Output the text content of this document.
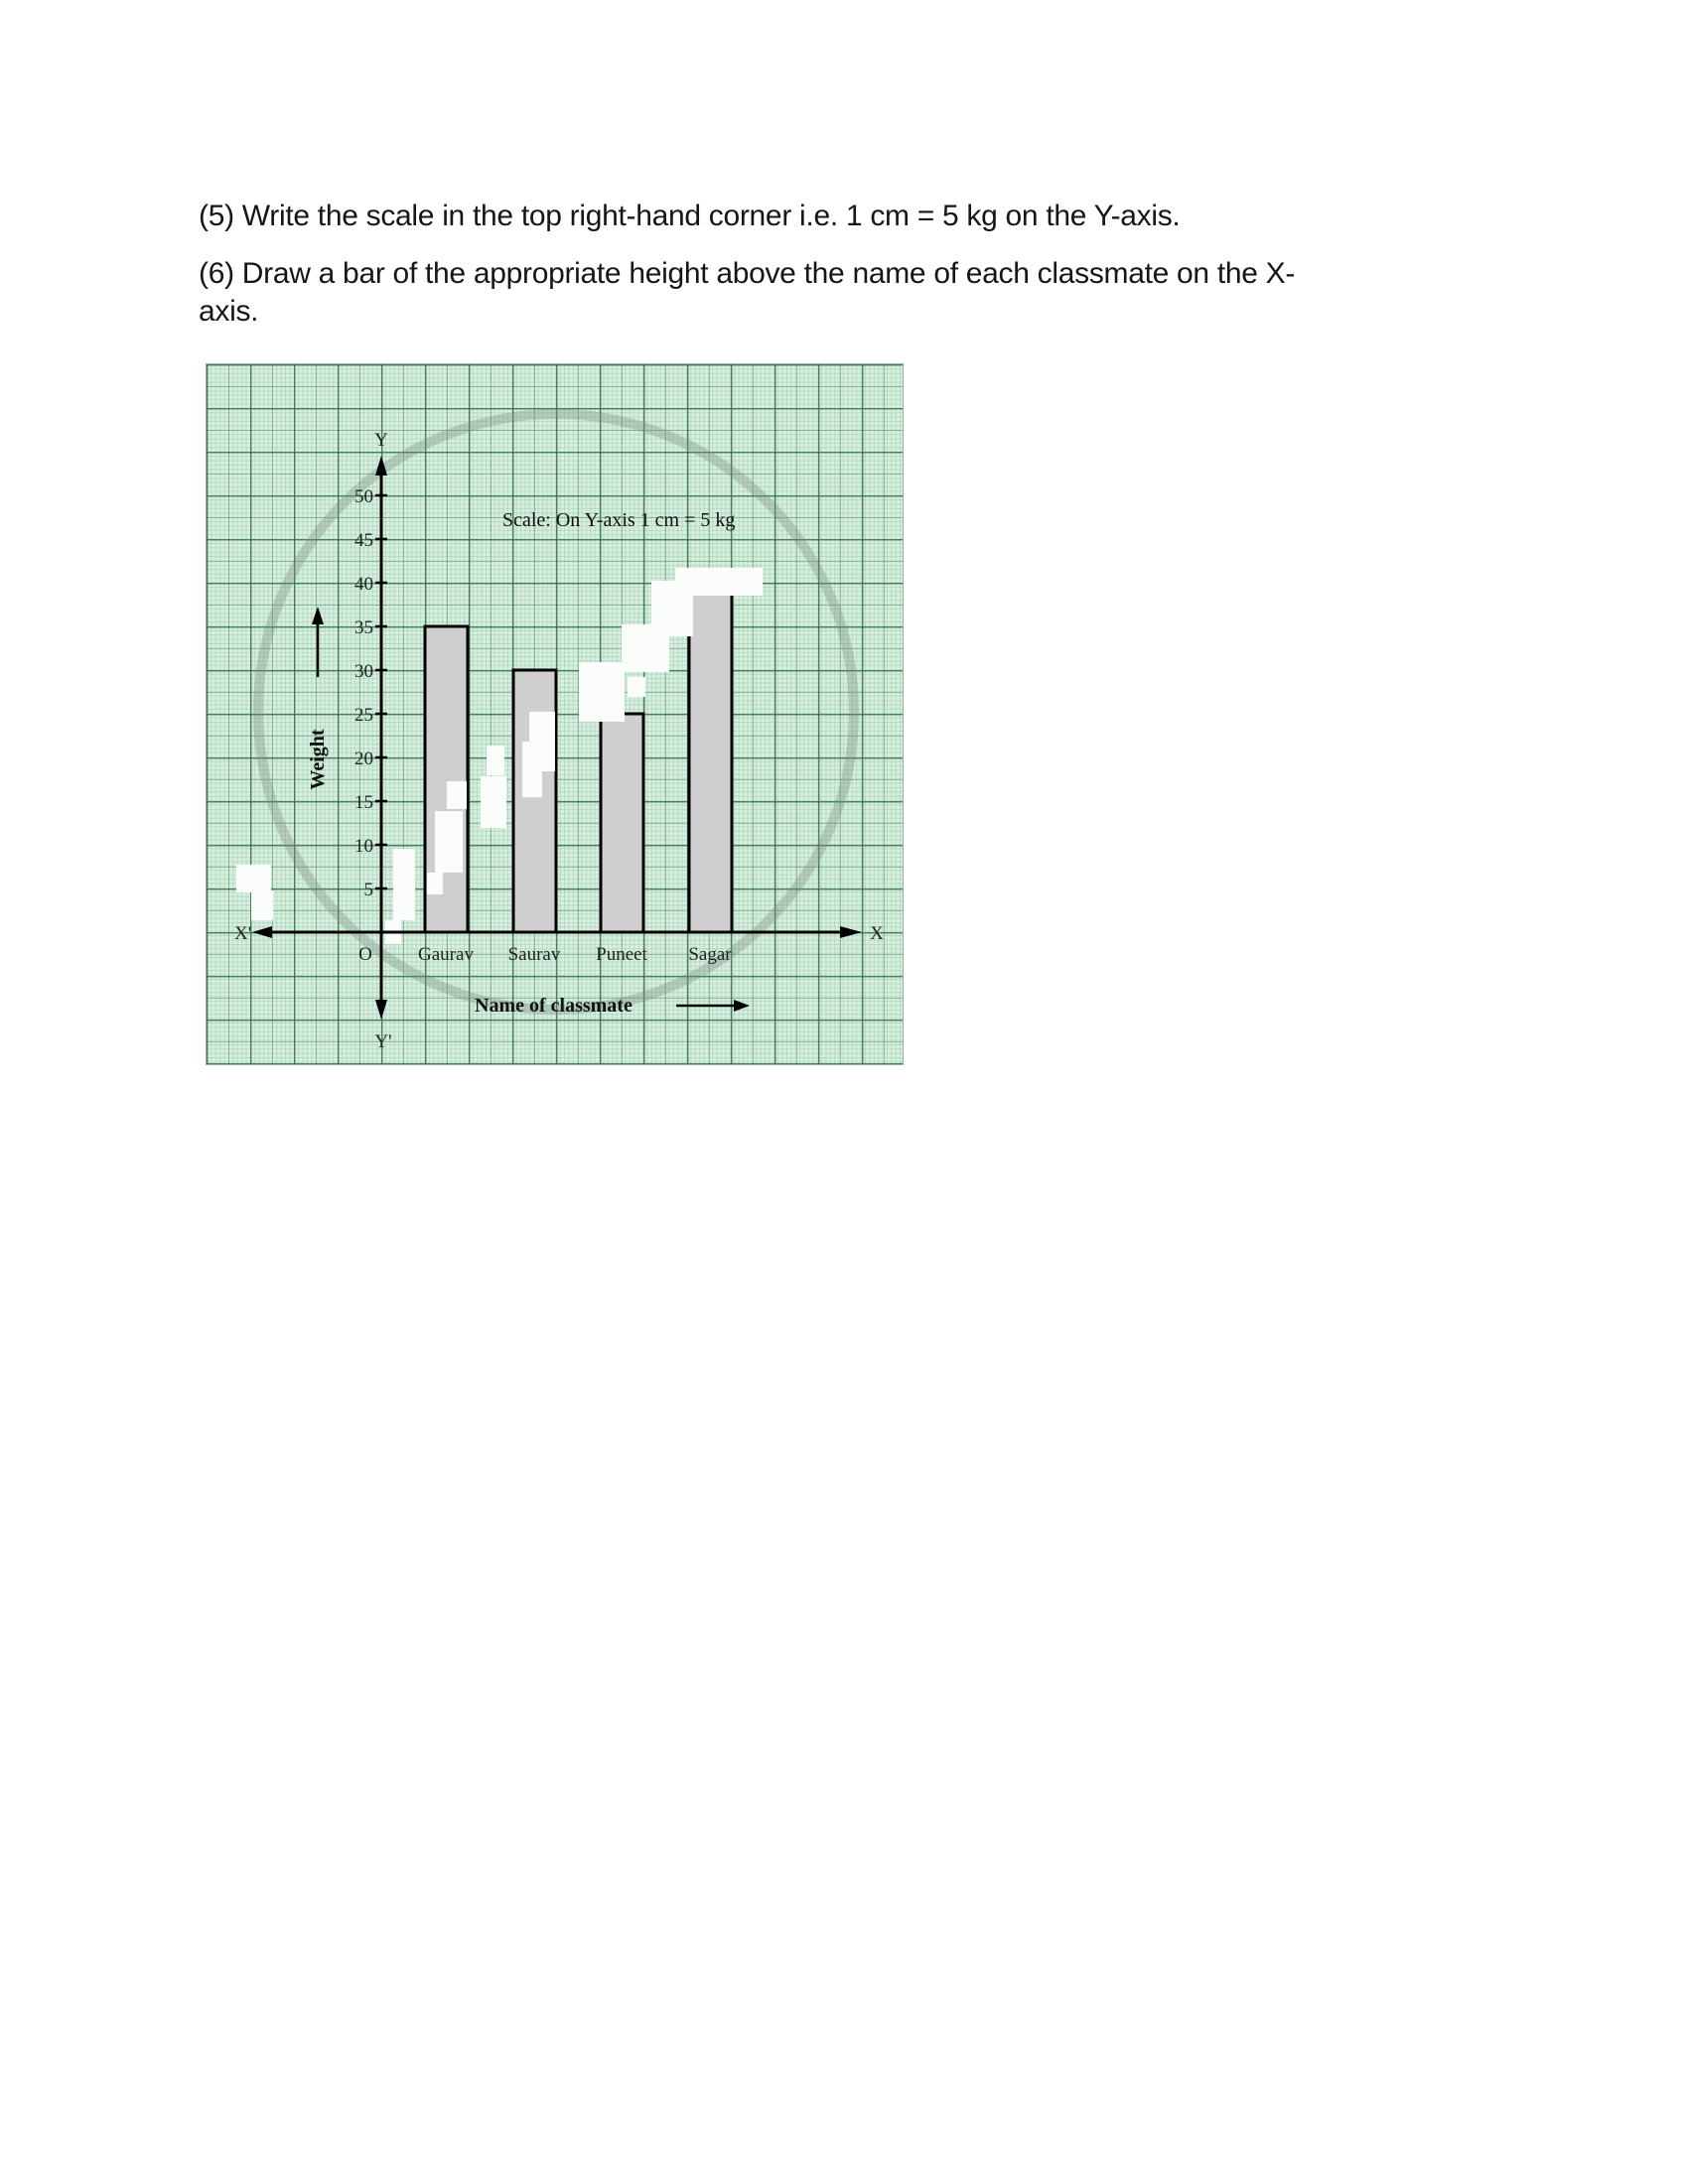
(5) Write the scale in the top right-hand corner i.e. 1 cm = 5 kg on the Y-axis.
(6) Draw a bar of the appropriate height above the name of each classmate on the X-
axis.
5
10
15
20
25
30
35
40
45
50
Y
Y'
X
X'
O
Scale: On Y-axis 1 cm = 5 kg
Gaurav Saurav Puneet Sagar
Name of classmate
Weight
